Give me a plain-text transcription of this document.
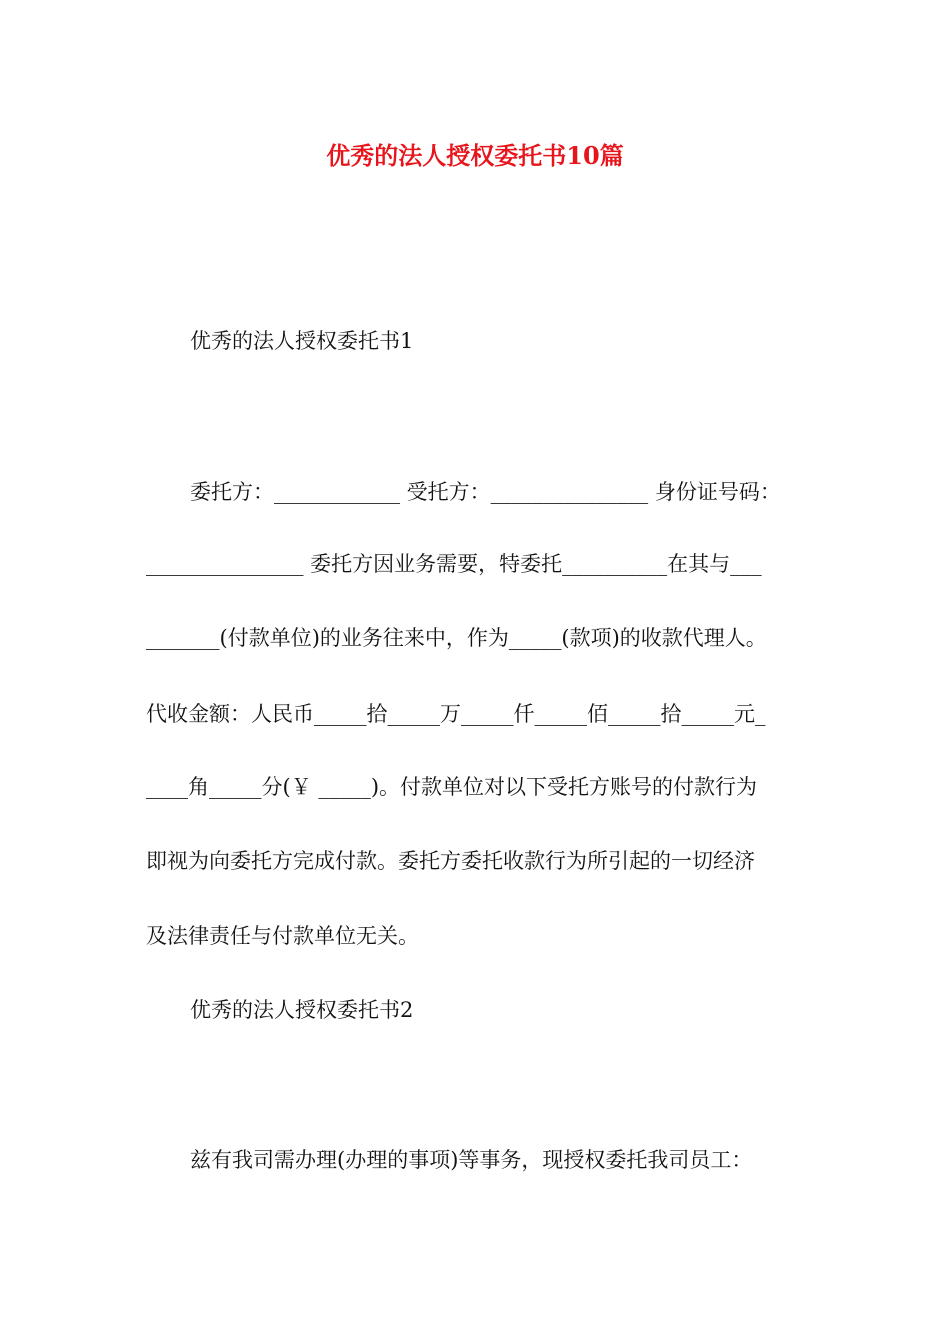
优秀的法人授权委托书10篇
优秀的法人授权委托书1
委托方：____________ 受托方：_______________ 身份证号码：
_______________ 委托方因业务需要，特委托__________在其与___
_______(付款单位)的业务往来中，作为_____(款项)的收款代理人。
代收金额：人民币_____拾_____万_____仟_____佰_____拾_____元_
____角_____分(￥ _____)。付款单位对以下受托方账号的付款行为
即视为向委托方完成付款。委托方委托收款行为所引起的一切经济
及法律责任与付款单位无关。
优秀的法人授权委托书2
兹有我司需办理(办理的事项)等事务，现授权委托我司员工：
